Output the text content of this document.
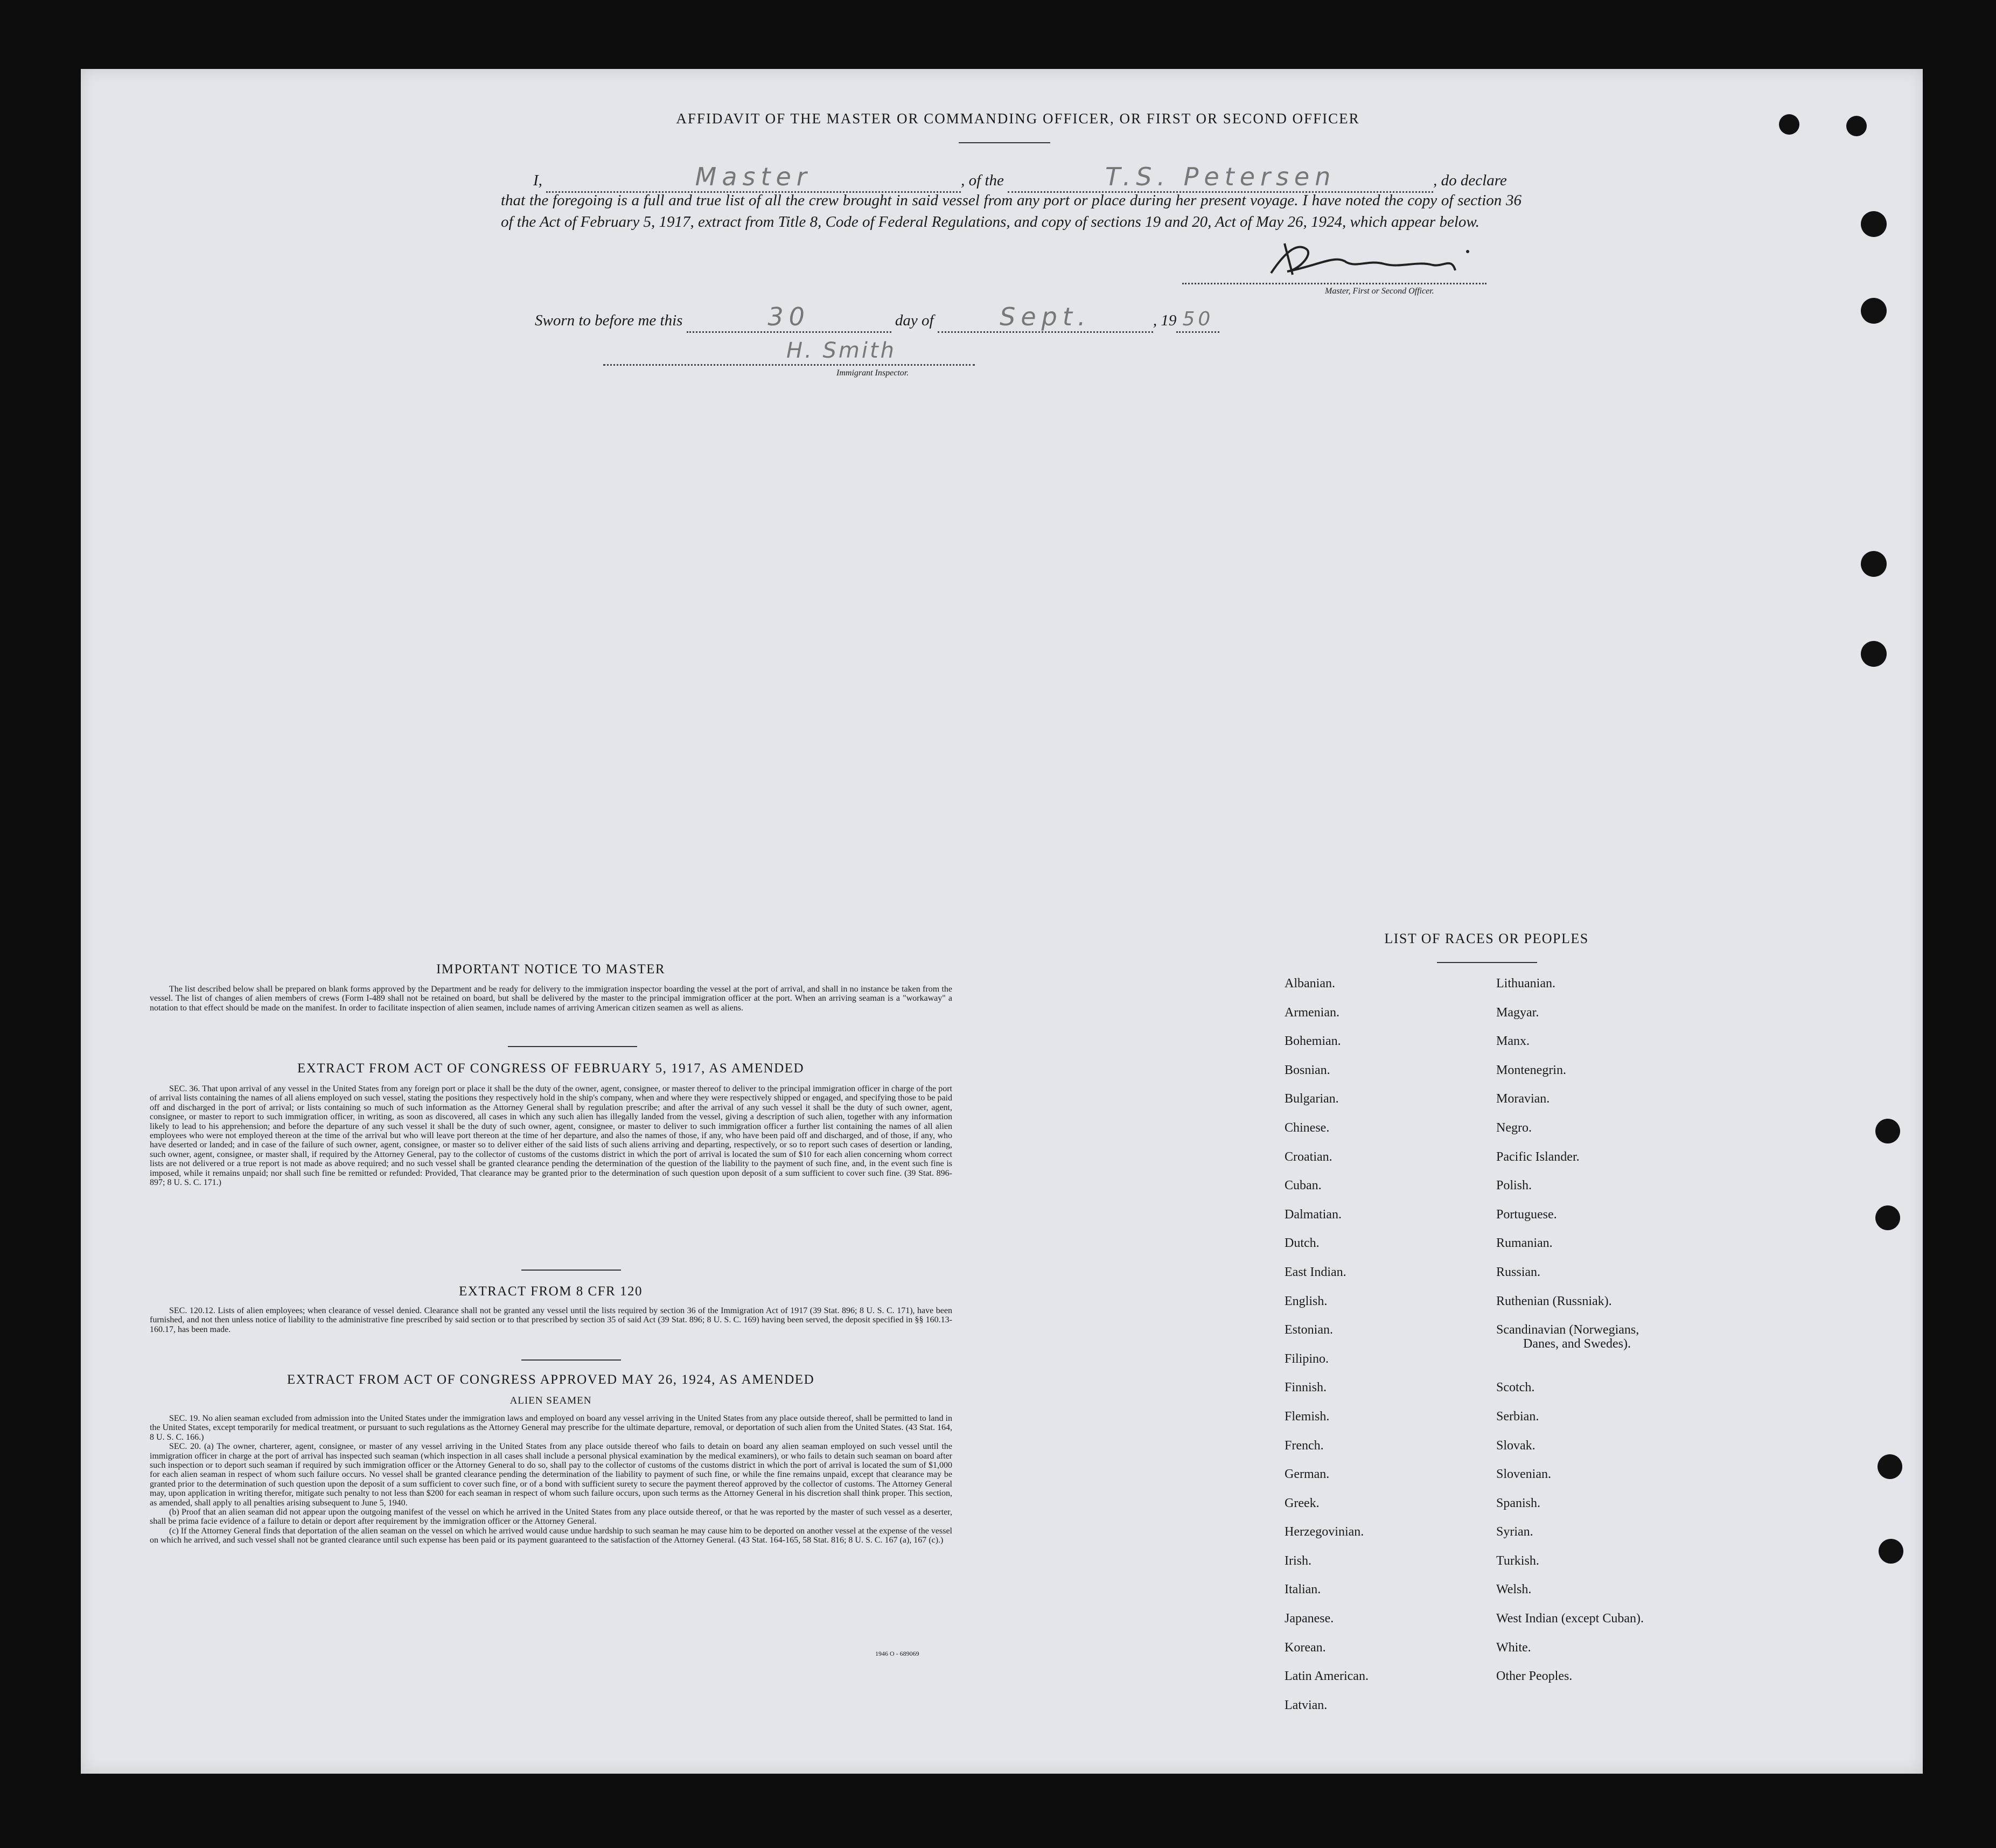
AFFIDAVIT OF THE MASTER OR COMMANDING OFFICER, OR FIRST OR SECOND OFFICER
I,	Master	, of the	T.S. Petersen	, do declare
that the foregoing is a full and true list of all the crew brought in said vessel from any port or place during her present voyage. I have noted the copy of section 36 of the Act of February 5, 1917, extract from Title 8, Code of Federal Regulations, and copy of sections 19 and 20, Act of May 26, 1924, which appear below.
Master, First or Second Officer.
Sworn to before me this	30	day of	Sept.	, 19 50
H. Smith
Immigrant Inspector.
IMPORTANT NOTICE TO MASTER
The list described below shall be prepared on blank forms approved by the Department and be ready for delivery to the immigration inspector boarding the vessel at the port of arrival, and shall in no instance be taken from the vessel. The list of changes of alien members of crews (Form I-489 shall not be retained on board, but shall be delivered by the master to the principal immigration officer at the port. When an arriving seaman is a "workaway" a notation to that effect should be made on the manifest. In order to facilitate inspection of alien seamen, include names of arriving American citizen seamen as well as aliens.
EXTRACT FROM ACT OF CONGRESS OF FEBRUARY 5, 1917, AS AMENDED
SEC. 36. That upon arrival of any vessel in the United States from any foreign port or place it shall be the duty of the owner, agent, consignee, or master thereof to deliver to the principal immigration officer in charge of the port of arrival lists containing the names of all aliens employed on such vessel, stating the positions they respectively hold in the ship's company, when and where they were respectively shipped or engaged, and specifying those to be paid off and discharged in the port of arrival; or lists containing so much of such information as the Attorney General shall by regulation prescribe; and after the arrival of any such vessel it shall be the duty of such owner, agent, consignee, or master to report to such immigration officer, in writing, as soon as discovered, all cases in which any such alien has illegally landed from the vessel, giving a description of such alien, together with any information likely to lead to his apprehension; and before the departure of any such vessel it shall be the duty of such owner, agent, consignee, or master to deliver to such immigration officer a further list containing the names of all alien employees who were not employed thereon at the time of the arrival but who will leave port thereon at the time of her departure, and also the names of those, if any, who have been paid off and discharged, and of those, if any, who have deserted or landed; and in case of the failure of such owner, agent, consignee, or master so to deliver either of the said lists of such aliens arriving and departing, respectively, or so to report such cases of desertion or landing, such owner, agent, consignee, or master shall, if required by the Attorney General, pay to the collector of customs of the customs district in which the port of arrival is located the sum of $10 for each alien concerning whom correct lists are not delivered or a true report is not made as above required; and no such vessel shall be granted clearance pending the determination of the question of the liability to the payment of such fine, and, in the event such fine is imposed, while it remains unpaid; nor shall such fine be remitted or refunded: Provided, That clearance may be granted prior to the determination of such question upon deposit of a sum sufficient to cover such fine. (39 Stat. 896-897; 8 U. S. C. 171.)
EXTRACT FROM 8 CFR 120
SEC. 120.12. Lists of alien employees; when clearance of vessel denied. Clearance shall not be granted any vessel until the lists required by section 36 of the Immigration Act of 1917 (39 Stat. 896; 8 U. S. C. 171), have been furnished, and not then unless notice of liability to the administrative fine prescribed by said section or to that prescribed by section 35 of said Act (39 Stat. 896; 8 U. S. C. 169) having been served, the deposit specified in §§ 160.13-160.17, has been made.
EXTRACT FROM ACT OF CONGRESS APPROVED MAY 26, 1924, AS AMENDED
ALIEN SEAMEN

SEC. 19. No alien seaman excluded from admission into the United States under the immigration laws and employed on board any vessel arriving in the United States from any place outside thereof, shall be permitted to land in the United States, except temporarily for medical treatment, or pursuant to such regulations as the Attorney General may prescribe for the ultimate departure, removal, or deportation of such alien from the United States. (43 Stat. 164, 8 U. S. C. 166.)

SEC. 20. (a) The owner, charterer, agent, consignee, or master of any vessel arriving in the United States from any place outside thereof who fails to detain on board any alien seaman employed on such vessel until the immigration officer in charge at the port of arrival has inspected such seaman (which inspection in all cases shall include a personal physical examination by the medical examiners), or who fails to detain such seaman on board after such inspection or to deport such seaman if required by such immigration officer or the Attorney General to do so, shall pay to the collector of customs of the customs district in which the port of arrival is located the sum of $1,000 for each alien seaman in respect of whom such failure occurs. No vessel shall be granted clearance pending the determination of the liability to payment of such fine, or while the fine remains unpaid, except that clearance may be granted prior to the determination of such question upon the deposit of a sum sufficient to cover such fine, or of a bond with sufficient surety to secure the payment thereof approved by the collector of customs. The Attorney General may, upon application in writing therefor, mitigate such penalty to not less than $200 for each seaman in respect of whom such failure occurs, upon such terms as the Attorney General in his discretion shall think proper. This section, as amended, shall apply to all penalties arising subsequent to June 5, 1940.

(b) Proof that an alien seaman did not appear upon the outgoing manifest of the vessel on which he arrived in the United States from any place outside thereof, or that he was reported by the master of such vessel as a deserter, shall be prima facie evidence of a failure to detain or deport after requirement by the immigration officer or the Attorney General.

(c) If the Attorney General finds that deportation of the alien seaman on the vessel on which he arrived would cause undue hardship to such seaman he may cause him to be deported on another vessel at the expense of the vessel on which he arrived, and such vessel shall not be granted clearance until such expense has been paid or its payment guaranteed to the satisfaction of the Attorney General. (43 Stat. 164-165, 58 Stat. 816; 8 U. S. C. 167 (a), 167 (c).)

1946 O - 689069
LIST OF RACES OR PEOPLES
Albanian.
Armenian.
Bohemian.
Bosnian.
Bulgarian.
Chinese.
Croatian.
Cuban.
Dalmatian.
Dutch.
East Indian.
English.
Estonian.
Filipino.
Finnish.
Flemish.
French.
German.
Greek.
Herzegovinian.
Irish.
Italian.
Japanese.
Korean.
Latin American.
Latvian.
Lithuanian.
Magyar.
Manx.
Montenegrin.
Moravian.
Negro.
Pacific Islander.
Polish.
Portuguese.
Rumanian.
Russian.
Ruthenian (Russniak).
Scandinavian (Norwegians,
Danes, and Swedes).
Scotch.
Serbian.
Slovak.
Slovenian.
Spanish.
Syrian.
Turkish.
Welsh.
West Indian (except Cuban).
White.
Other Peoples.
